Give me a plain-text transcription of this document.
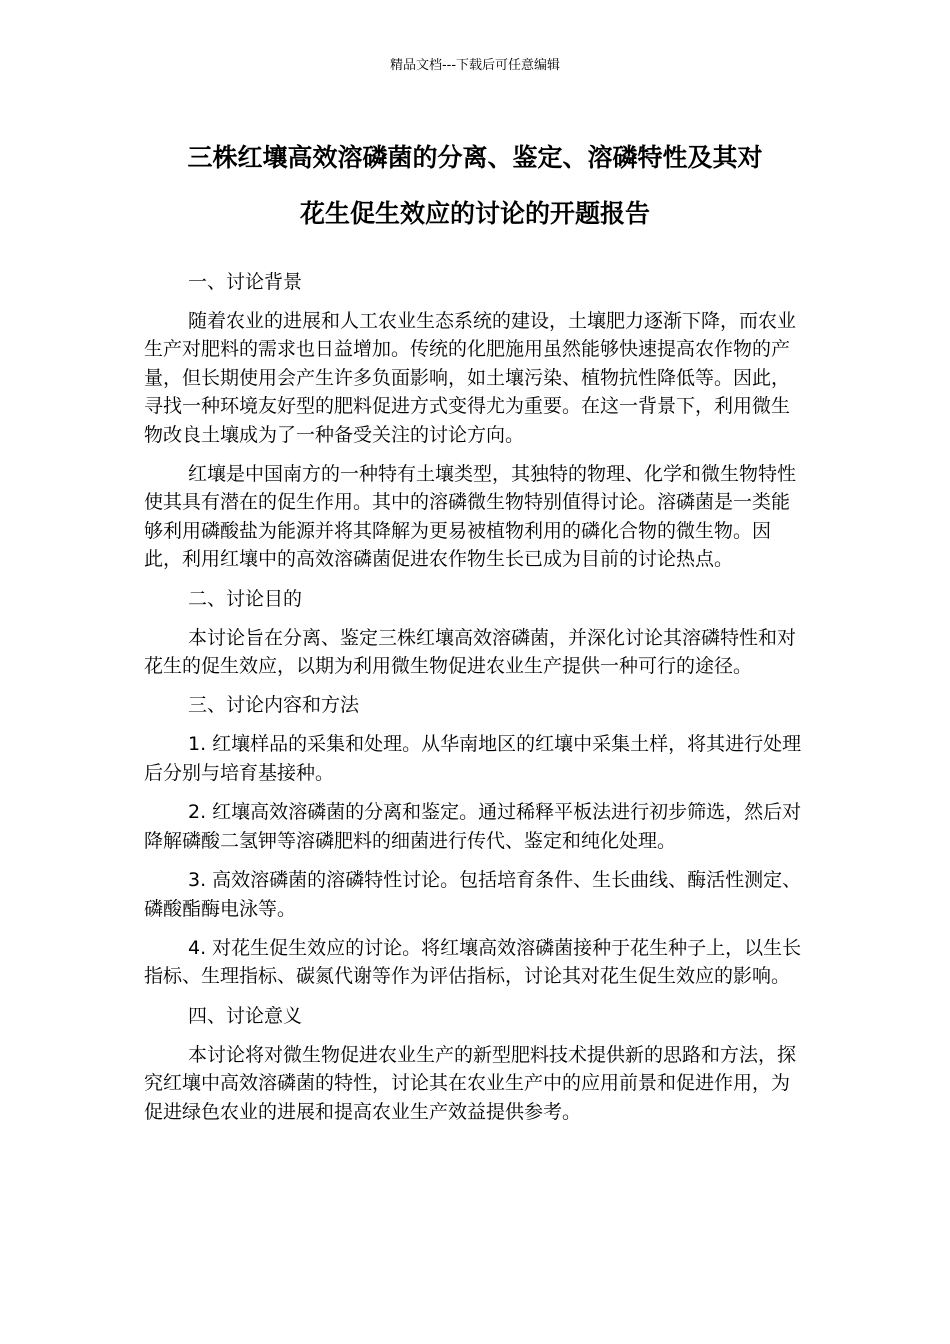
精品文档---下载后可任意编辑
三株红壤高效溶磷菌的分离、鉴定、溶磷特性及其对
花生促生效应的讨论的开题报告

一、讨论背景

随着农业的进展和人工农业生态系统的建设，土壤肥力逐渐下降，而农业生产对肥料的需求也日益增加。传统的化肥施用虽然能够快速提高农作物的产量，但长期使用会产生许多负面影响，如土壤污染、植物抗性降低等。因此，寻找一种环境友好型的肥料促进方式变得尤为重要。在这一背景下，利用微生物改良土壤成为了一种备受关注的讨论方向。

红壤是中国南方的一种特有土壤类型，其独特的物理、化学和微生物特性使其具有潜在的促生作用。其中的溶磷微生物特别值得讨论。溶磷菌是一类能够利用磷酸盐为能源并将其降解为更易被植物利用的磷化合物的微生物。因此，利用红壤中的高效溶磷菌促进农作物生长已成为目前的讨论热点。

二、讨论目的

本讨论旨在分离、鉴定三株红壤高效溶磷菌，并深化讨论其溶磷特性和对花生的促生效应，以期为利用微生物促进农业生产提供一种可行的途径。

三、讨论内容和方法

1. 红壤样品的采集和处理。从华南地区的红壤中采集土样，将其进行处理后分别与培育基接种。

2. 红壤高效溶磷菌的分离和鉴定。通过稀释平板法进行初步筛选，然后对降解磷酸二氢钾等溶磷肥料的细菌进行传代、鉴定和纯化处理。

3. 高效溶磷菌的溶磷特性讨论。包括培育条件、生长曲线、酶活性测定、磷酸酯酶电泳等。

4. 对花生促生效应的讨论。将红壤高效溶磷菌接种于花生种子上，以生长指标、生理指标、碳氮代谢等作为评估指标，讨论其对花生促生效应的影响。

四、讨论意义

本讨论将对微生物促进农业生产的新型肥料技术提供新的思路和方法，探究红壤中高效溶磷菌的特性，讨论其在农业生产中的应用前景和促进作用，为促进绿色农业的进展和提高农业生产效益提供参考。
